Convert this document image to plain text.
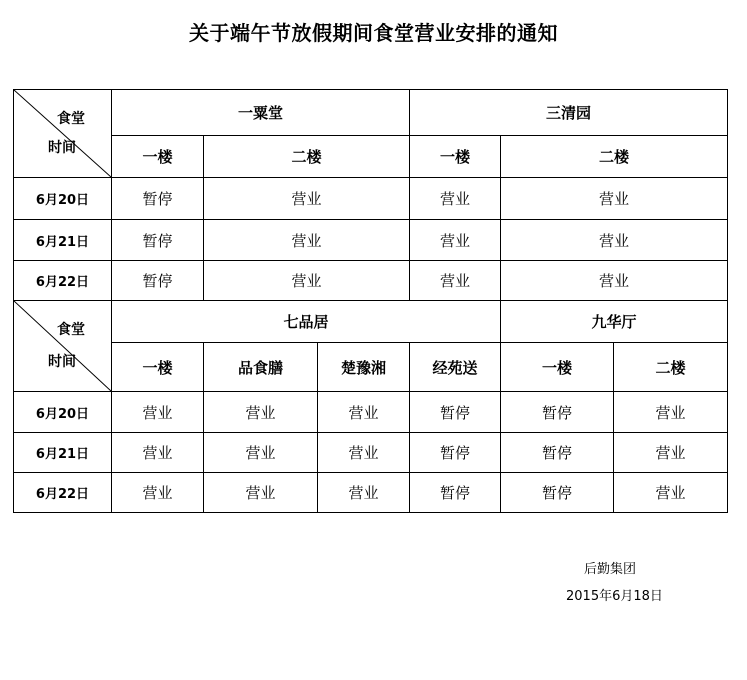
关于端午节放假期间食堂营业安排的通知
食堂
时间	一粟堂		三清园	
	一楼	二楼	一楼	二楼
6月20日	暂停	营业	营业	营业
6月21日	暂停	营业	营业	营业
6月22日	暂停	营业	营业	营业
食堂
时间	七品居				九华厅	
	一楼	品食膳	楚豫湘	经苑送	一楼	二楼
6月20日	营业	营业	营业	暂停	暂停	营业
6月21日	营业	营业	营业	暂停	暂停	营业
6月22日	营业	营业	营业	暂停	暂停	营业
后勤集团
2015年6月18日
